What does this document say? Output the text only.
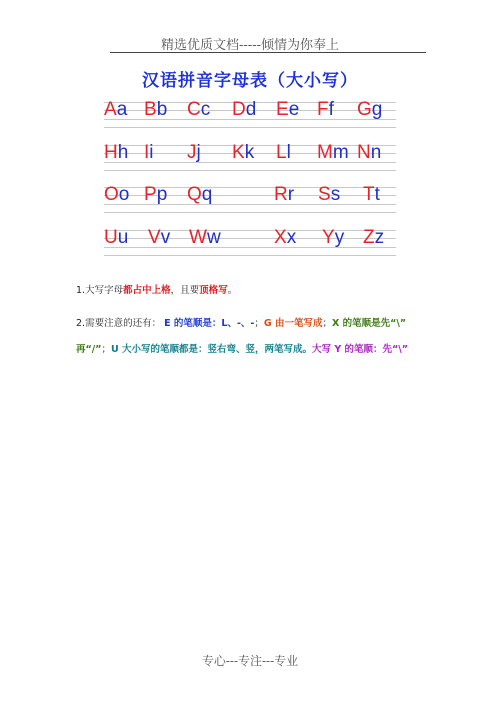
精选优质文档-----倾情为你奉上
汉语拼音字母表（大小写）
Aa Bb Cc Dd Ee Ff Gg
Hh Ii Jj Kk Ll Mm Nn
Oo Pp Qq	Rr Ss Tt
Uu Vv Ww	Xx Yy Zz
1.大写字母都占中上格，且要顶格写。
2.需要注意的还有： E 的笔顺是：L、-、-；G 由一笔写成；X 的笔顺是先“\”
再“/”；U 大小写的笔顺都是：竖右弯、竖，两笔写成。大写 Y 的笔顺：先“\”
专心---专注---专业
